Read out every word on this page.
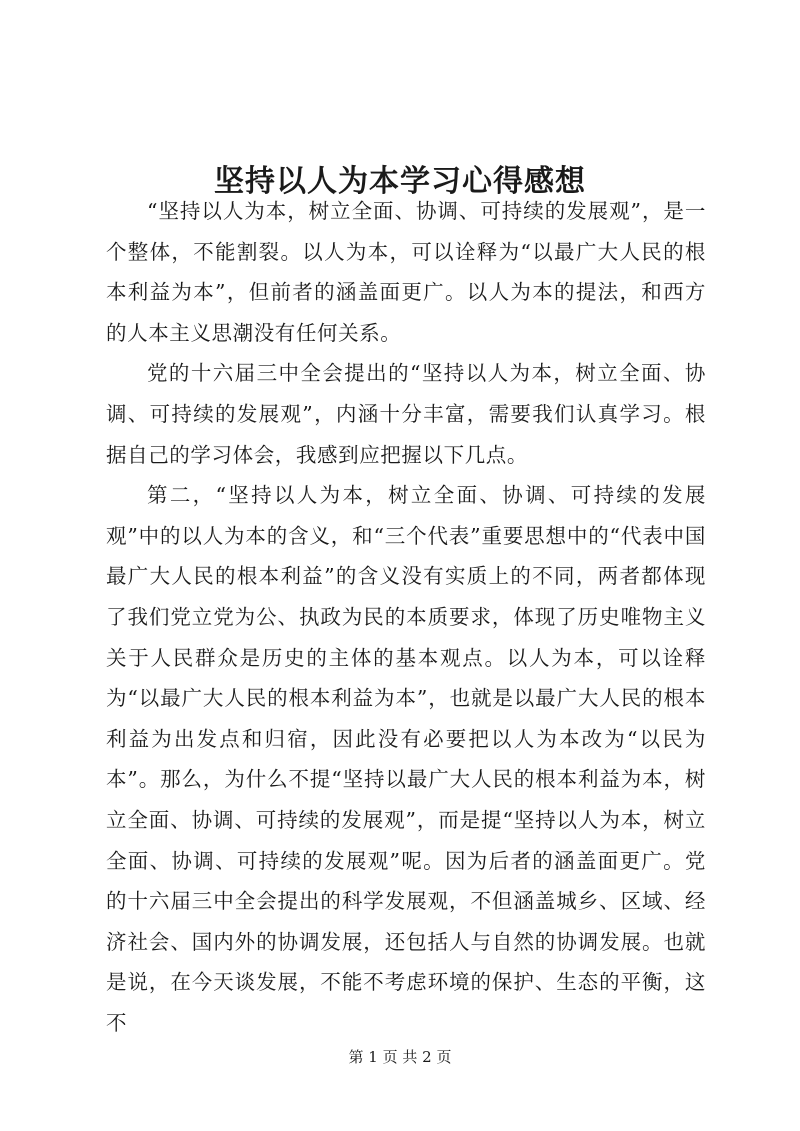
坚持以人为本学习心得感想

“坚持以人为本，树立全面、协调、可持续的发展观”，是一个整体，不能割裂。以人为本，可以诠释为“以最广大人民的根本利益为本”，但前者的涵盖面更广。以人为本的提法，和西方的人本主义思潮没有任何关系。

党的十六届三中全会提出的“坚持以人为本，树立全面、协调、可持续的发展观”，内涵十分丰富，需要我们认真学习。根据自己的学习体会，我感到应把握以下几点。

第二，“坚持以人为本，树立全面、协调、可持续的发展观”中的以人为本的含义，和“三个代表”重要思想中的“代表中国最广大人民的根本利益”的含义没有实质上的不同，两者都体现了我们党立党为公、执政为民的本质要求，体现了历史唯物主义关于人民群众是历史的主体的基本观点。以人为本，可以诠释为“以最广大人民的根本利益为本”，也就是以最广大人民的根本利益为出发点和归宿，因此没有必要把以人为本改为“以民为本”。那么，为什么不提“坚持以最广大人民的根本利益为本，树立全面、协调、可持续的发展观”，而是提“坚持以人为本，树立全面、协调、可持续的发展观”呢。因为后者的涵盖面更广。党的十六届三中全会提出的科学发展观，不但涵盖城乡、区域、经济社会、国内外的协调发展，还包括人与自然的协调发展。也就是说，在今天谈发展，不能不考虑环境的保护、生态的平衡，这不

第 1 页 共 2 页
